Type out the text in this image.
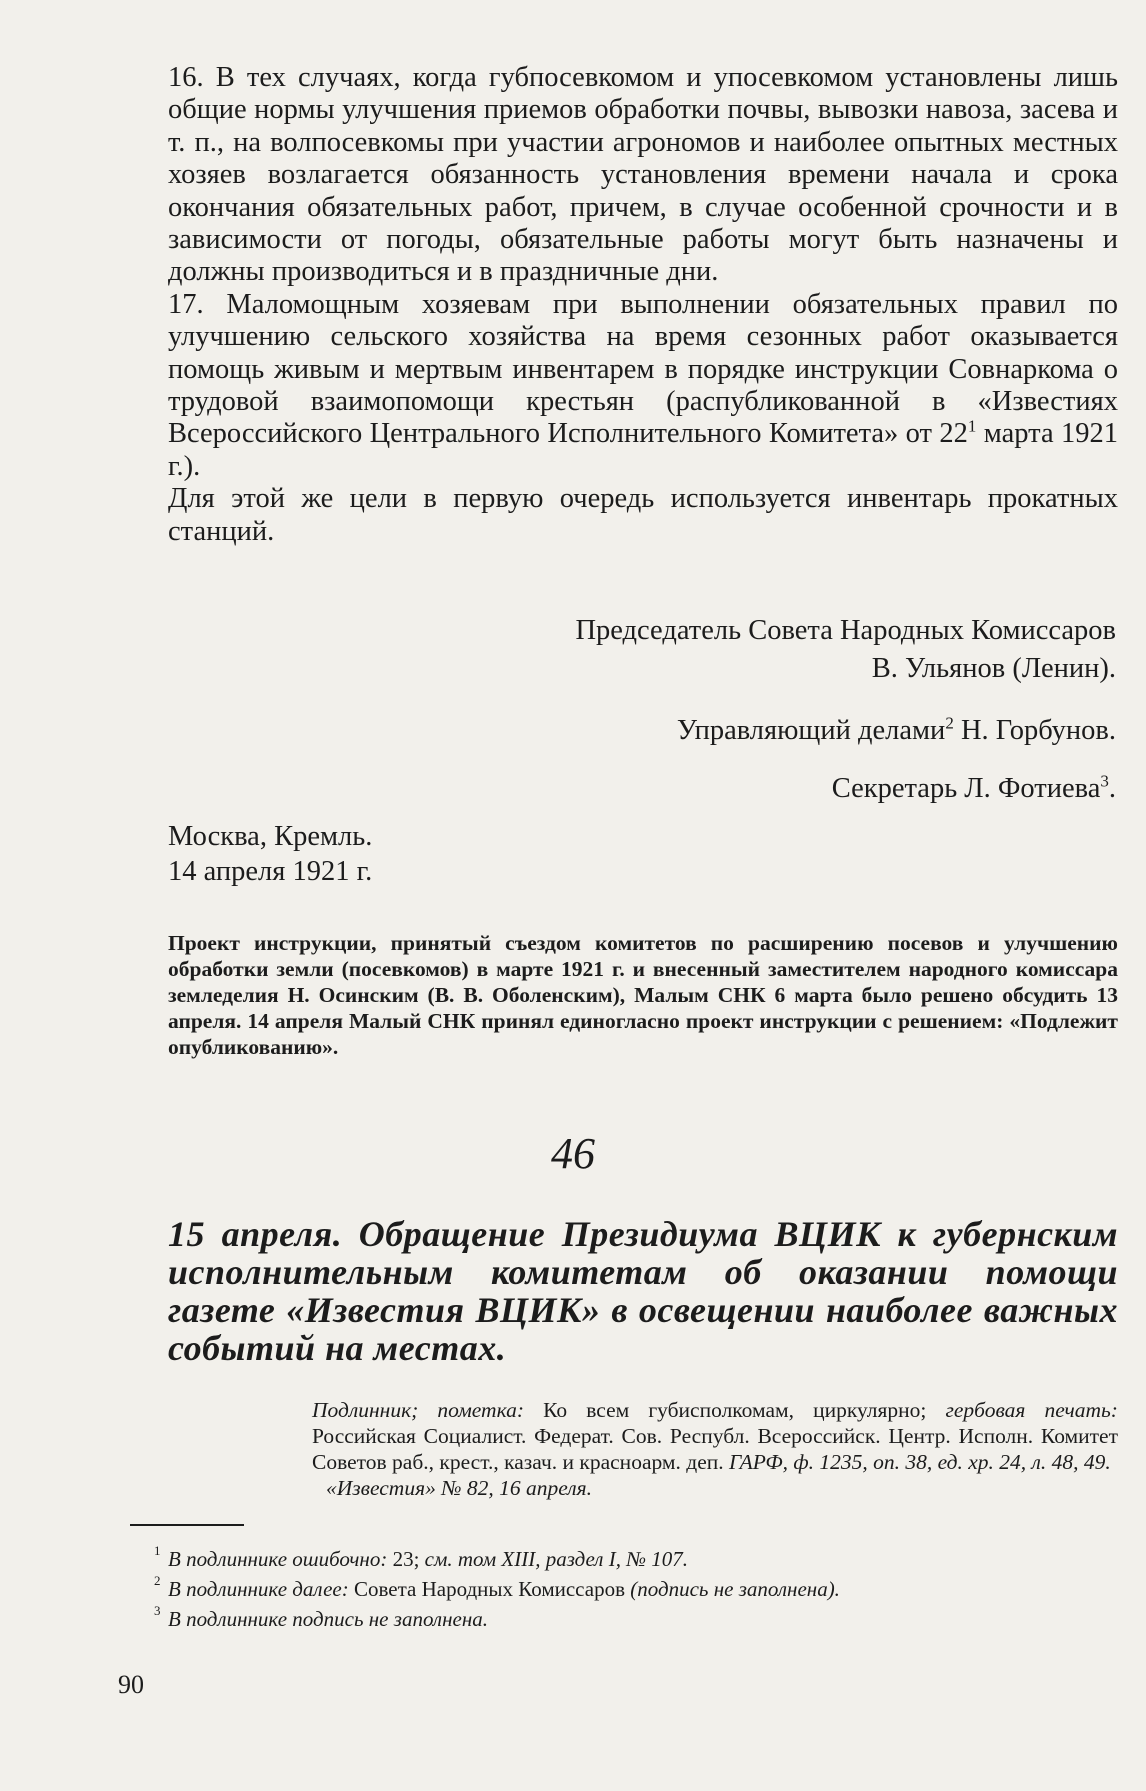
16. В тех случаях, когда губпосевкомом и упосевкомом установлены лишь общие нормы улучшения приемов обработки почвы, вывозки навоза, засева и т. п., на волпосевкомы при участии агрономов и наиболее опытных местных хозяев возлагается обязанность установления времени начала и срока окончания обязательных работ, причем, в случае особенной срочности и в зависимости от погоды, обязательные работы могут быть назначены и должны производиться и в праздничные дни.

17. Маломощным хозяевам при выполнении обязательных правил по улучшению сельского хозяйства на время сезонных работ оказывается помощь живым и мертвым инвентарем в порядке инструкции Совнаркома о трудовой взаимопомощи крестьян (распубликованной в «Известиях Всероссийского Центрального Исполнительного Комитета» от $22^1$ марта 1921 г.).

Для этой же цели в первую очередь используется инвентарь прокатных станций.

Председатель Совета Народных Комиссаров
В. Ульянов (Ленин).
Управляющий делами$^2$ Н. Горбунов.
Секретарь Л. Фотиева$^3$.
Москва, Кремль.
14 апреля 1921 г.
Проект инструкции, принятый съездом комитетов по расширению посевов и улучшению обработки земли (посевкомов) в марте 1921 г. и внесенный заместителем народного комиссара земледелия Н. Осинским (В. В. Оболенским), Малым СНК 6 марта было решено обсудить 13 апреля. 14 апреля Малый СНК принял единогласно проект инструкции с решением: «Подлежит опубликованию».
46
15 апреля. Обращение Президиума ВЦИК к губернским исполнительным комитетам об оказании помощи газете «Известия ВЦИК» в освещении наиболее важных событий на местах.
Подлинник; пометка: Ко всем губисполкомам, циркулярно; гербовая печать: Российская Социалист. Федерат. Сов. Республ. Всероссийск. Центр. Исполн. Комитет Советов раб., крест., казач. и красноарм. деп. ГАРФ, ф. 1235, оп. 38, ед. хр. 24, л. 48, 49.
«Известия» № 82, 16 апреля.
1 В подлиннике ошибочно: 23; см. том XIII, раздел I, № 107.
2 В подлиннике далее: Совета Народных Комиссаров (подпись не заполнена).
3 В подлиннике подпись не заполнена.
90
